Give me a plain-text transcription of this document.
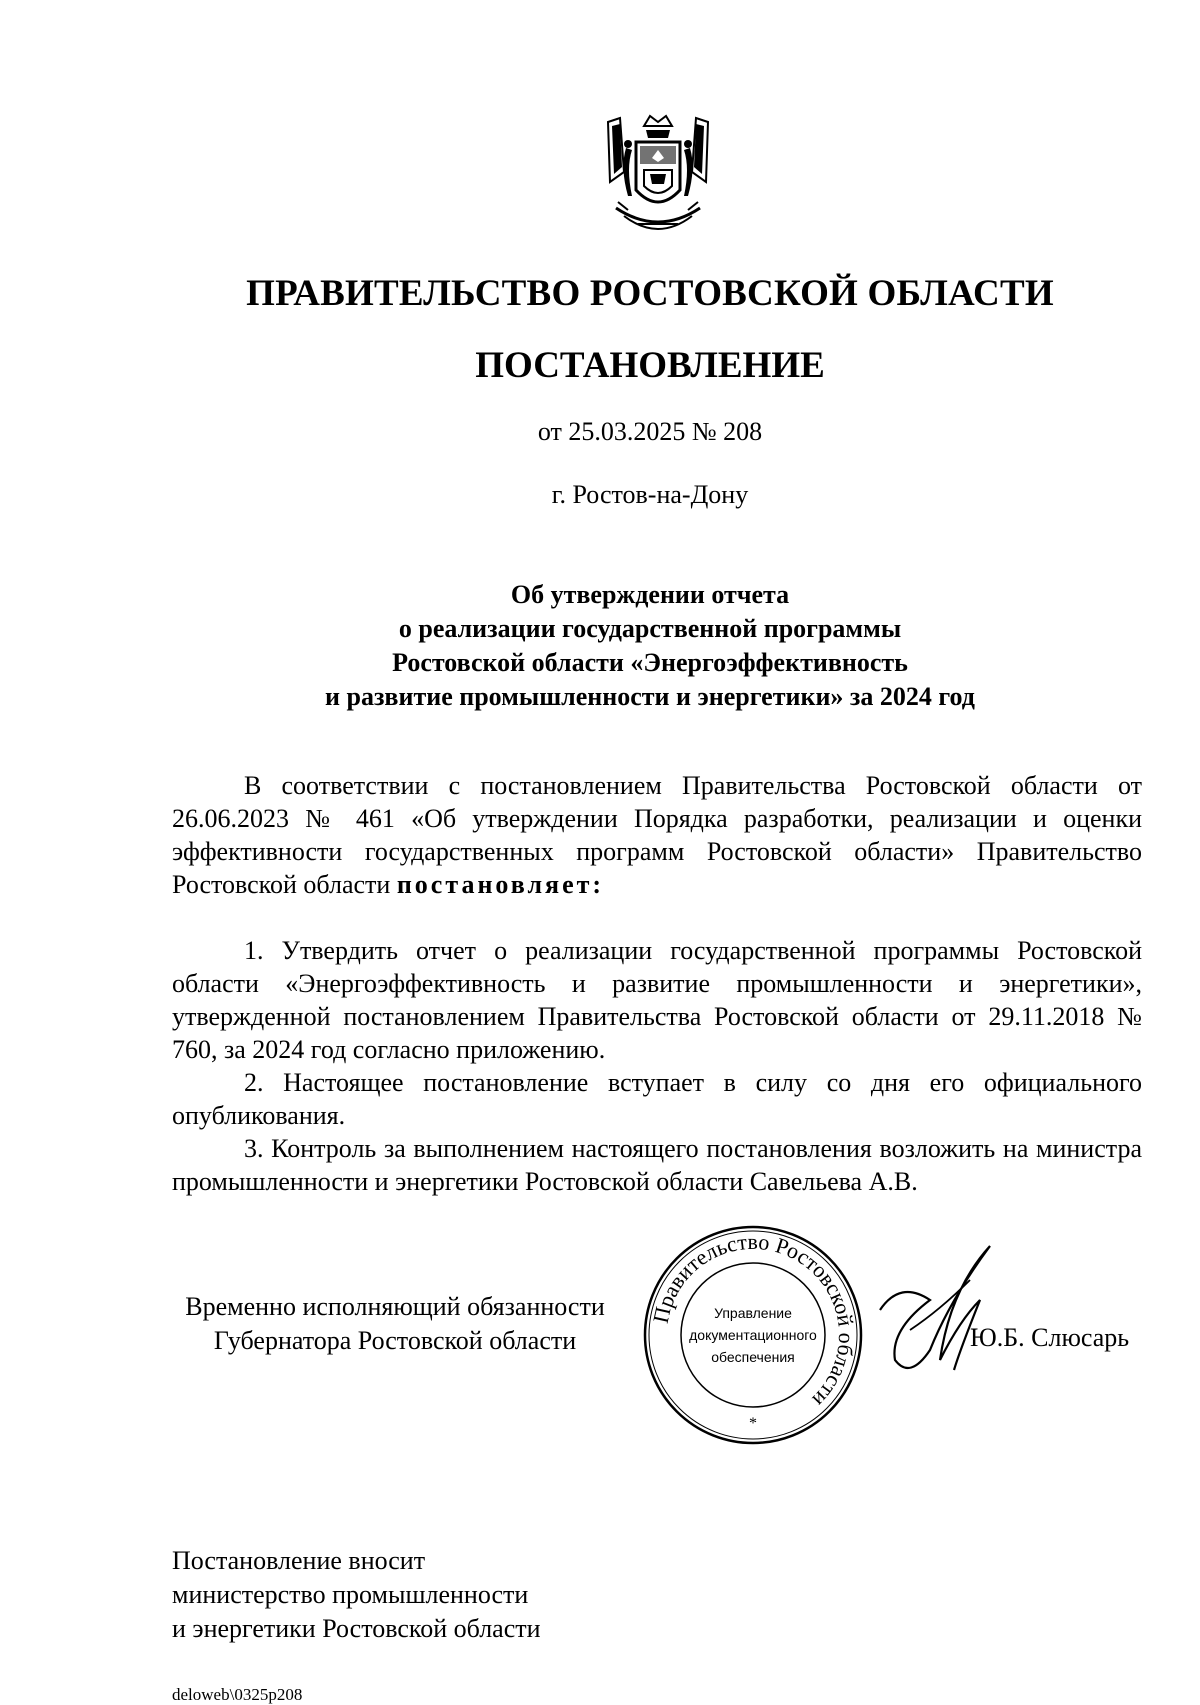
ПРАВИТЕЛЬСТВО РОСТОВСКОЙ ОБЛАСТИ
ПОСТАНОВЛЕНИЕ
от 25.03.2025 № 208
г. Ростов-на-Дону
Об утверждении отчета
о реализации государственной программы
Ростовской области «Энергоэффективность
и развитие промышленности и энергетики» за 2024 год

В соответствии с постановлением Правительства Ростовской области от 26.06.2023 № 461 «Об утверждении Порядка разработки, реализации и оценки эффективности государственных программ Ростовской области» Правительство Ростовской области постановляет:

1. Утвердить отчет о реализации государственной программы Ростовской области «Энергоэффективность и развитие промышленности и энергетики», утвержденной постановлением Правительства Ростовской области от 29.11.2018 № 760, за 2024 год согласно приложению.

2. Настоящее постановление вступает в силу со дня его официального опубликования.

3. Контроль за выполнением настоящего постановления возложить на министра промышленности и энергетики Ростовской области Савельева А.В.

Временно исполняющий обязанности
Губернатора Ростовской области
Правительство Ростовской области
*
Управление
документационного
обеспечения
Ю.Б. Слюсарь
Постановление вносит
министерство промышленности
и энергетики Ростовской области
deloweb\0325p208
